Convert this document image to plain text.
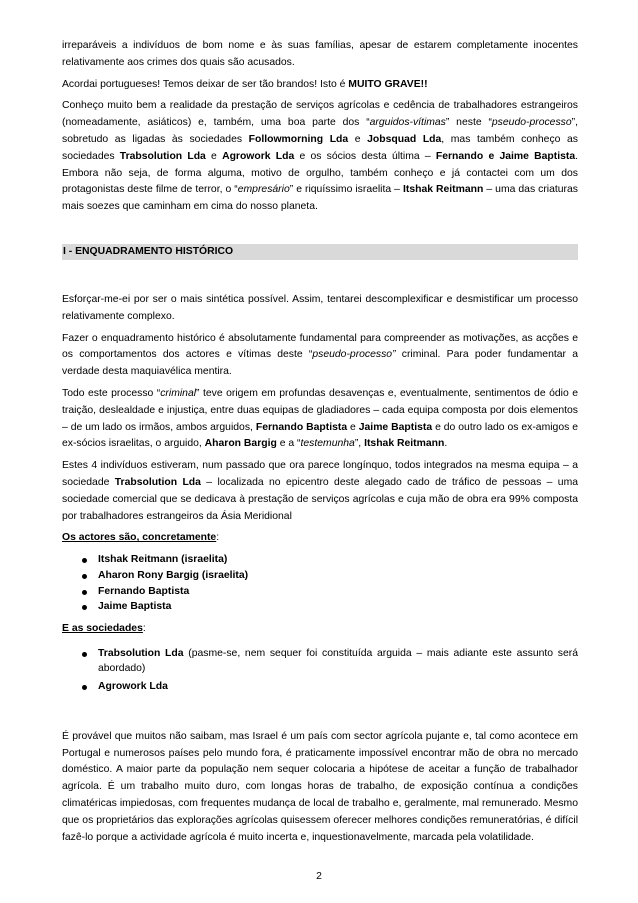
irreparáveis a indivíduos de bom nome e às suas famílias, apesar de estarem completamente inocentes relativamente aos crimes dos quais são acusados.

Acordai portugueses! Temos deixar de ser tão brandos! Isto é MUITO GRAVE!!

Conheço muito bem a realidade da prestação de serviços agrícolas e cedência de trabalhadores estrangeiros (nomeadamente, asiáticos) e, também, uma boa parte dos “arguidos-vítimas” neste “pseudo-processo”, sobretudo as ligadas às sociedades Followmorning Lda e Jobsquad Lda, mas também conheço as sociedades Trabsolution Lda e Agrowork Lda e os sócios desta última – Fernando e Jaime Baptista. Embora não seja, de forma alguma, motivo de orgulho, também conheço e já contactei com um dos protagonistas deste filme de terror, o “empresário” e riquíssimo israelita – Itshak Reitmann – uma das criaturas mais soezes que caminham em cima do nosso planeta.

I - ENQUADRAMENTO HISTÓRICO

Esforçar-me-ei por ser o mais sintética possível. Assim, tentarei descomplexificar e desmistificar um processo relativamente complexo.

Fazer o enquadramento histórico é absolutamente fundamental para compreender as motivações, as acções e os comportamentos dos actores e vítimas deste “pseudo-processo” criminal. Para poder fundamentar a verdade desta maquiavélica mentira.

Todo este processo “criminal” teve origem em profundas desavenças e, eventualmente, sentimentos de ódio e traição, deslealdade e injustiça, entre duas equipas de gladiadores – cada equipa composta por dois elementos – de um lado os irmãos, ambos arguidos, Fernando Baptista e Jaime Baptista e do outro lado os ex-amigos e ex-sócios israelitas, o arguido, Aharon Bargig e a “testemunha”, Itshak Reitmann.

Estes 4 indivíduos estiveram, num passado que ora parece longínquo, todos integrados na mesma equipa – a sociedade Trabsolution Lda – localizada no epicentro deste alegado cado de tráfico de pessoas – uma sociedade comercial que se dedicava à prestação de serviços agrícolas e cuja mão de obra era 99% composta por trabalhadores estrangeiros da Ásia Meridional

Os actores são, concretamente:

Itshak Reitmann (israelita)
Aharon Rony Bargig (israelita)
Fernando Baptista
Jaime Baptista

E as sociedades:

Trabsolution Lda (pasme-se, nem sequer foi constituída arguida – mais adiante este assunto será abordado)
Agrowork Lda

É provável que muitos não saibam, mas Israel é um país com sector agrícola pujante e, tal como acontece em Portugal e numerosos países pelo mundo fora, é praticamente impossível encontrar mão de obra no mercado doméstico. A maior parte da população nem sequer colocaria a hipótese de aceitar a função de trabalhador agrícola. É um trabalho muito duro, com longas horas de trabalho, de exposição contínua a condições climatéricas impiedosas, com frequentes mudança de local de trabalho e, geralmente, mal remunerado. Mesmo que os proprietários das explorações agrícolas quisessem oferecer melhores condições remuneratórias, é difícil fazê-lo porque a actividade agrícola é muito incerta e, inquestionavelmente, marcada pela volatilidade.

2
